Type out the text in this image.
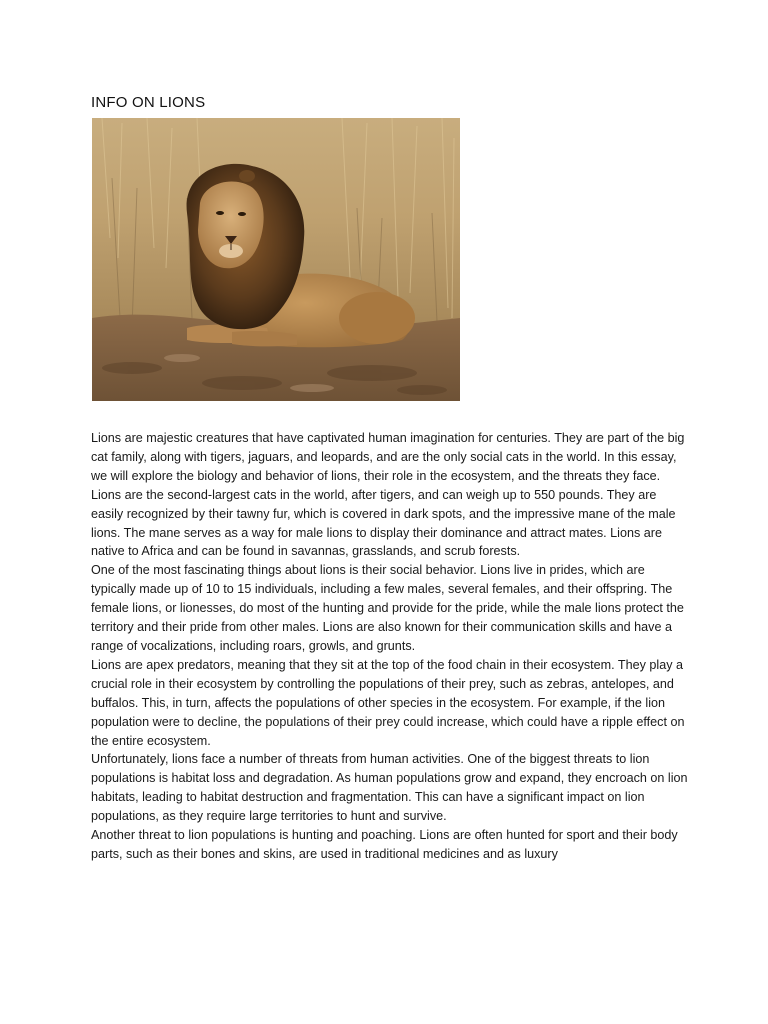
INFO ON LIONS

Lions are majestic creatures that have captivated human imagination for centuries. They are part of the big cat family, along with tigers, jaguars, and leopards, and are the only social cats in the world. In this essay, we will explore the biology and behavior of lions, their role in the ecosystem, and the threats they face.

Lions are the second-largest cats in the world, after tigers, and can weigh up to 550 pounds. They are easily recognized by their tawny fur, which is covered in dark spots, and the impressive mane of the male lions. The mane serves as a way for male lions to display their dominance and attract mates. Lions are native to Africa and can be found in savannas, grasslands, and scrub forests.

One of the most fascinating things about lions is their social behavior. Lions live in prides, which are typically made up of 10 to 15 individuals, including a few males, several females, and their offspring. The female lions, or lionesses, do most of the hunting and provide for the pride, while the male lions protect the territory and their pride from other males. Lions are also known for their communication skills and have a range of vocalizations, including roars, growls, and grunts.

Lions are apex predators, meaning that they sit at the top of the food chain in their ecosystem. They play a crucial role in their ecosystem by controlling the populations of their prey, such as zebras, antelopes, and buffalos. This, in turn, affects the populations of other species in the ecosystem. For example, if the lion population were to decline, the populations of their prey could increase, which could have a ripple effect on the entire ecosystem.

Unfortunately, lions face a number of threats from human activities. One of the biggest threats to lion populations is habitat loss and degradation. As human populations grow and expand, they encroach on lion habitats, leading to habitat destruction and fragmentation. This can have a significant impact on lion populations, as they require large territories to hunt and survive.

Another threat to lion populations is hunting and poaching. Lions are often hunted for sport and their body parts, such as their bones and skins, are used in traditional medicines and as luxury
